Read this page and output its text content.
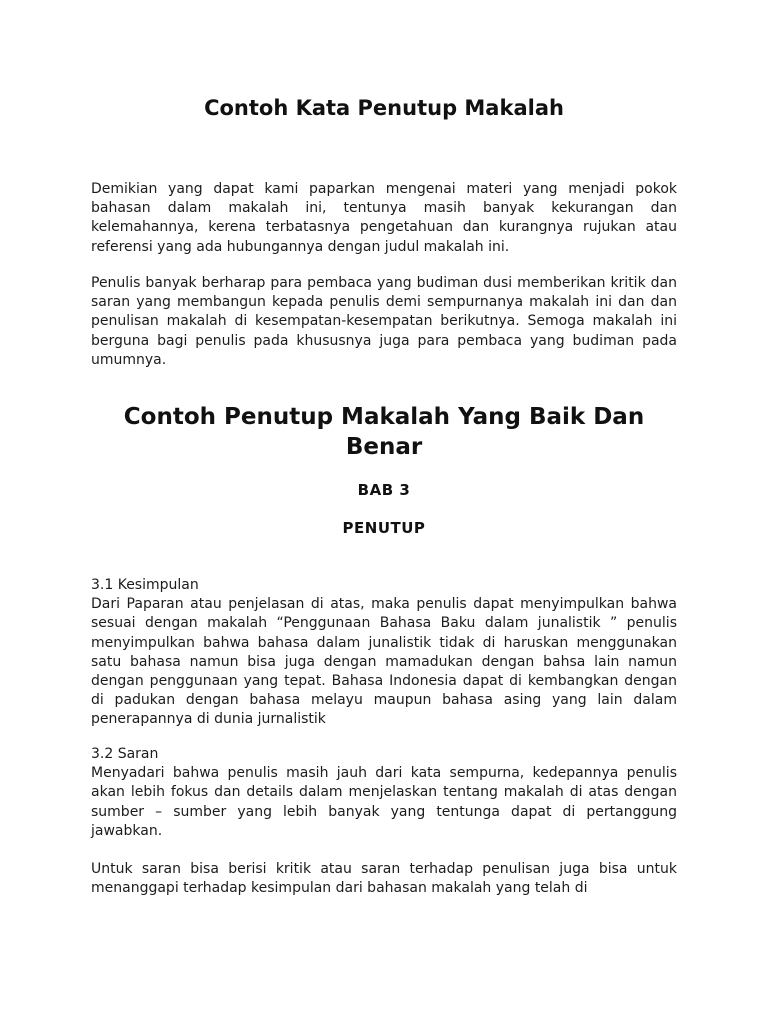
Contoh Kata Penutup Makalah

Demikian yang dapat kami paparkan mengenai materi yang menjadi pokok bahasan dalam makalah ini, tentunya masih banyak kekurangan dan kelemahannya, kerena terbatasnya pengetahuan dan kurangnya rujukan atau referensi yang ada hubungannya dengan judul makalah ini.

Penulis banyak berharap para pembaca yang budiman dusi memberikan kritik dan saran yang membangun kepada penulis demi sempurnanya makalah ini dan dan penulisan makalah di kesempatan-kesempatan berikutnya. Semoga makalah ini berguna bagi penulis pada khususnya juga para pembaca yang budiman pada umumnya.

Contoh Penutup Makalah Yang Baik Dan Benar
BAB 3
PENUTUP
3.1 Kesimpulan
Dari Paparan atau penjelasan di atas, maka penulis dapat menyimpulkan bahwa sesuai dengan makalah “Penggunaan Bahasa Baku dalam junalistik ” penulis menyimpulkan bahwa bahasa dalam junalistik tidak di haruskan menggunakan satu bahasa namun bisa juga dengan mamadukan dengan bahsa lain namun dengan penggunaan yang tepat. Bahasa Indonesia dapat di kembangkan dengan di padukan dengan bahasa melayu maupun bahasa asing yang lain dalam penerapannya di dunia jurnalistik
3.2 Saran
Menyadari bahwa penulis masih jauh dari kata sempurna, kedepannya penulis akan lebih fokus dan details dalam menjelaskan tentang makalah di atas dengan sumber – sumber yang lebih banyak yang tentunga dapat di pertanggung jawabkan.

Untuk saran bisa berisi kritik atau saran terhadap penulisan juga bisa untuk menanggapi terhadap kesimpulan dari bahasan makalah yang telah di
